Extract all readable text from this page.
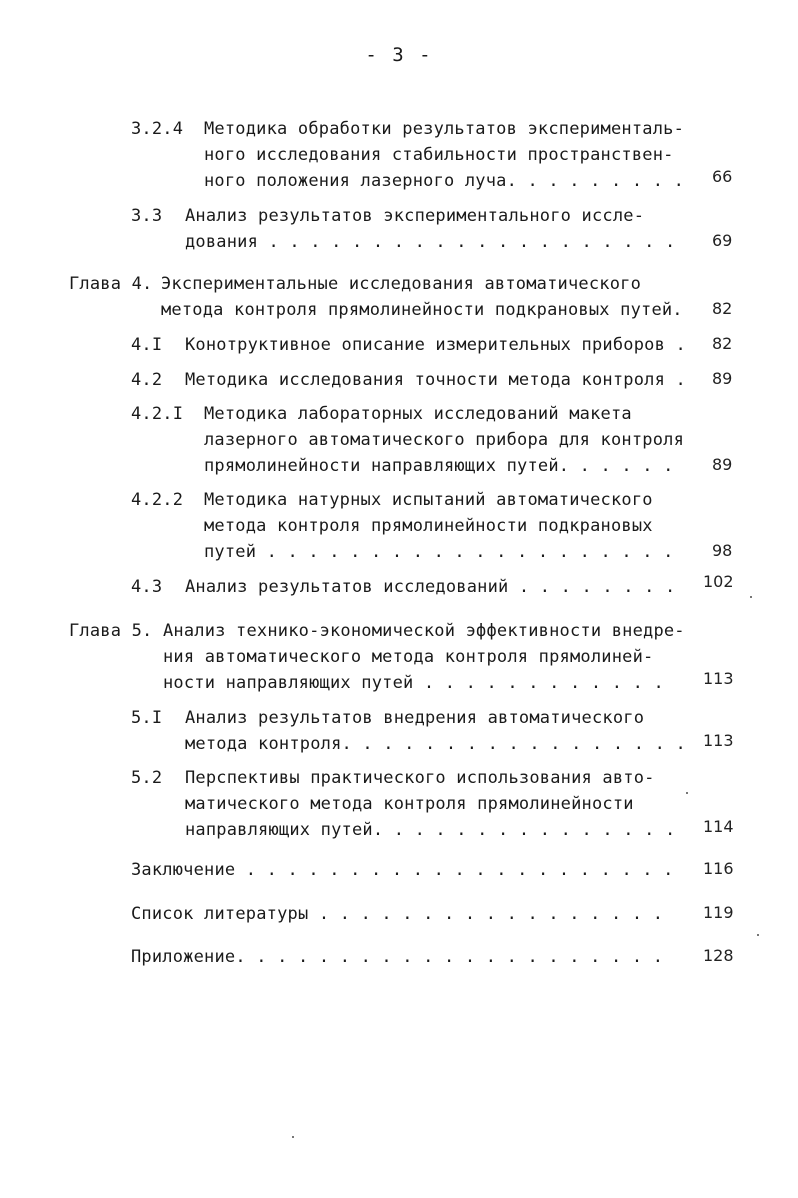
- 3 -
3.2.4 Методика обработки результатов эксперименталь-
ного исследования стабильности пространствен-
ного положения лазерного луча. . . . . . . . . 66
3.3 Анализ результатов экспериментального иссле-
дования . . . . . . . . . . . . . . . . . . . . 69
Глава 4. Экспериментальные исследования автоматического
метода контроля прямолинейности подкрановых путей. 82
4.I Конотруктивное описание измерительных приборов . 82
4.2 Методика исследования точности метода контроля . 89
4.2.I Методика лабораторных исследований макета
лазерного автоматического прибора для контроля
прямолинейности направляющих путей. . . . . . 89
4.2.2 Методика натурных испытаний автоматического
метода контроля прямолинейности подкрановых
путей . . . . . . . . . . . . . . . . . . . . 98
4.3 Анализ результатов исследований . . . . . . . . 102
Глава 5. Анализ технико-экономической эффективности внедре-
ния автоматического метода контроля прямолиней-
ности направляющих путей . . . . . . . . . . . . 113
5.I Анализ результатов внедрения автоматического
метода контроля. . . . . . . . . . . . . . . . . 113
5.2 Перспективы практического использования авто-
матического метода контроля прямолинейности
направляющих путей. . . . . . . . . . . . . . . 114
Заключение . . . . . . . . . . . . . . . . . . . . . 116
Список литературы . . . . . . . . . . . . . . . . . 119
Приложение. . . . . . . . . . . . . . . . . . . . . 128
